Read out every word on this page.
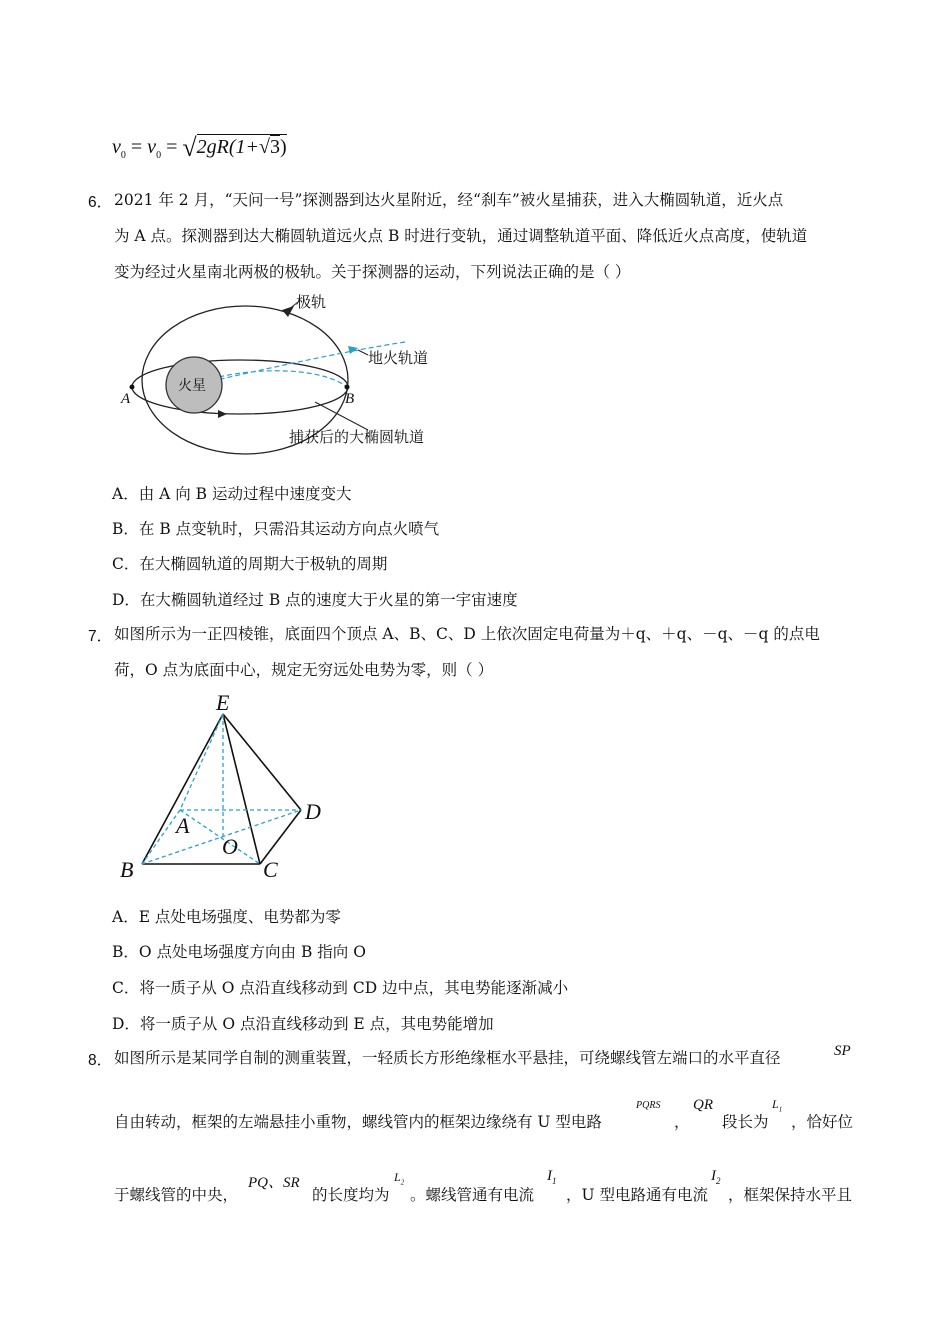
$v_0 = v_0 = √2gR(1+√3)$
6． 2021 年 2 月，“天问一号”探测器到达火星附近，经“刹车”被火星捕获，进入大椭圆轨道，近火点
为 A 点。探测器到达大椭圆轨道远火点 B 时进行变轨，通过调整轨道平面、降低近火点高度，使轨道
变为经过火星南北两极的极轨。关于探测器的运动，下列说法正确的是（ ）
极轨
地火轨道
火星
A	B
捕获后的大椭圆轨道
A．由 A 向 B 运动过程中速度变大
B．在 B 点变轨时，只需沿其运动方向点火喷气
C．在大椭圆轨道的周期大于极轨的周期
D．在大椭圆轨道经过 B 点的速度大于火星的第一宇宙速度
7． 如图所示为一正四棱锥，底面四个顶点 A、B、C、D 上依次固定电荷量为＋q、＋q、－q、－q 的点电
荷，O 点为底面中心，规定无穷远处电势为零，则（ ）
E
A
B	C
D
O
A．E 点处电场强度、电势都为零
B．O 点处电场强度方向由 B 指向 O
C．将一质子从 O 点沿直线移动到 CD 边中点，其电势能逐渐减小
D．将一质子从 O 点沿直线移动到 E 点，其电势能增加
8． 如图所示是某同学自制的测重装置，一轻质长方形绝缘框水平悬挂，可绕螺线管左端口的水平直径	SP
自由转动，框架的左端悬挂小重物，螺线管内的框架边缘绕有 U 型电路
PQRS
，
QR
段长为
$L_1$
，恰好位
于螺线管的中央，
PQ、SR
的长度均为
$L_2$
。螺线管通有电流
$I_1$
，U 型电路通有电流
$I_2$
，框架保持水平且
